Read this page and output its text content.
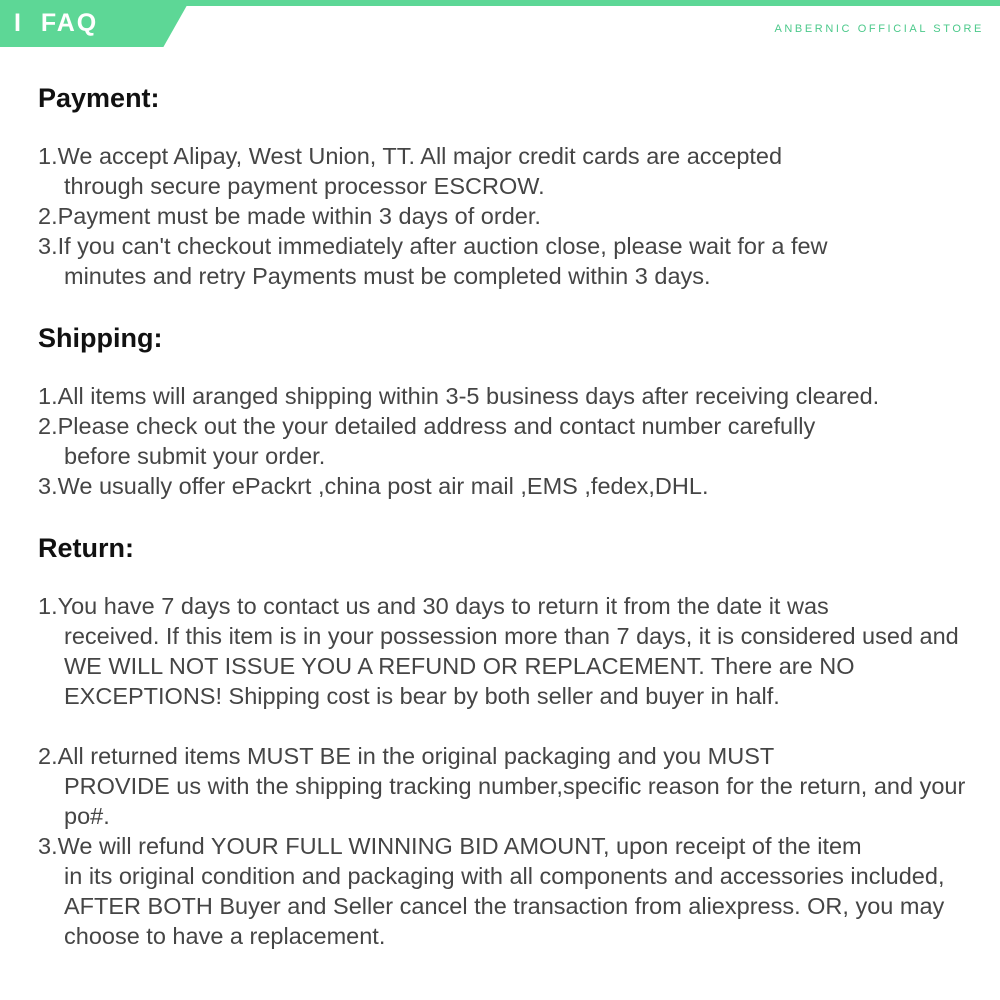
I  FAQ	ANBERNIC OFFICIAL STORE
Payment:
1.We accept Alipay, West Union, TT. All major credit cards are accepted
through secure payment processor ESCROW.
2.Payment must be made within 3 days of order.
3.If you can't checkout immediately after auction close, please wait for a few
minutes and retry Payments must be completed within 3 days.
Shipping:
1.All items will aranged shipping within 3-5 business days after receiving cleared.
2.Please check out the your detailed address and contact number carefully
before submit your order.
3.We usually offer ePackrt ,china post air mail ,EMS ,fedex,DHL.
Return:
1.You have 7 days to contact us and 30 days to return it from the date it was
received. If this item is in your possession more than 7 days, it is considered used and WE WILL NOT ISSUE YOU A REFUND OR REPLACEMENT. There are NO EXCEPTIONS! Shipping cost is bear by both seller and buyer in half.
2.All returned items MUST BE in the original packaging and you MUST
PROVIDE us with the shipping tracking number,specific reason for the return, and your po#.
3.We will refund YOUR FULL WINNING BID AMOUNT, upon receipt of the item
in its original condition and packaging with all components and accessories included, AFTER BOTH Buyer and Seller cancel the transaction from aliexpress. OR, you may choose to have a replacement.
